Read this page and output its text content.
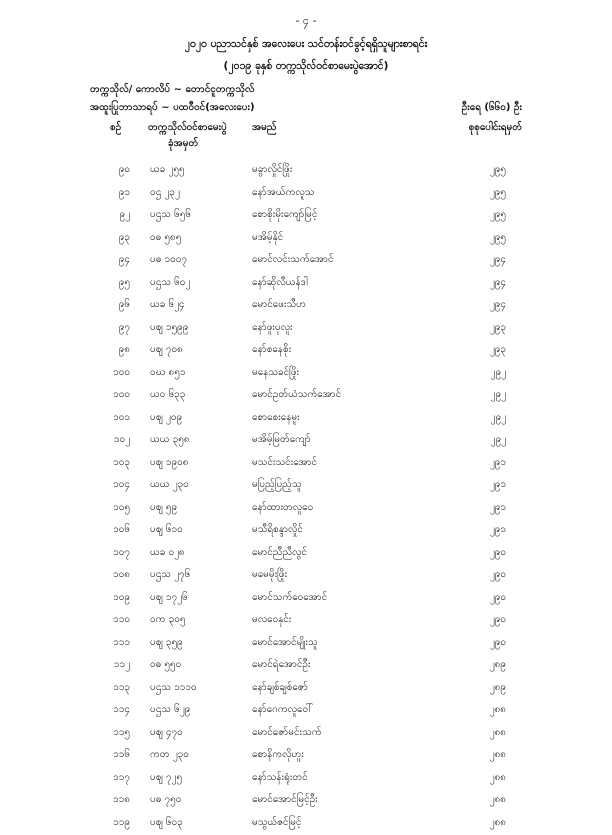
- ၄ -
၂၀၂၀ ပညာသင်နှစ် အလေးပေး သင်တန်းဝင်ခွင့်ရရှိသူများစာရင်း
(၂၀၁၉ ခုနှစ် တက္ကသိုလ်ဝင်စာမေးပွဲအောင်)
တက္ကသိုလ်/ ကောလိပ် ~ တောင်ငူတက္ကသိုလ်
အထူးပြုဘာသာရပ် ~ ပထဝီဝင်(အလေးပေး)	ဦးရေ (၆၆၀) ဦး
စဉ်	တက္ကသိုလ်ဝင်စာမေးပွဲ
ခုံအမှတ်
အမည်	စုစုပေါင်းရမှတ်
၉၀ ယခ ၂၅၅	မခွာလှိုင်ဖြိုး	၂၉၅
၉၁ ဝဌ ၂၃၂	နော်အယ်ကလူသ	၂၉၅
၉၂ ပဌသ ၆၅၆	စောစိုးမိုးကျော်မြင့်	၂၉၅
၉၃ ဝဓ ၅၈၅	မအိမ့်နိုင်	၂၉၅
၉၄ ပဓ ၁၀၀၇	မောင်လင်းသက်အောင်	၂၉၄
၉၅ ပဌသ ၆၀၂	နော်ဆိုလီယန်ဒါ	၂၉၄
၉၆ ယခ ၆၂၄	မောင်ဖေးသီဟ	၂၉၄
၉၇ ပဈ ၁၅၉၉	နော်ဖူးပုလူး	၂၉၃
၉၈ ပဈ ၇၀၈	နော်စနေစိုး	၂၉၃
၁၀၀ ဝဃ ၈၅၁	မနေသခင်ဖြိုး	၂၉၂
၁၀၀ ယဝ ၆၃၃	မောင်ဥတ်ယံသက်အောင်	၂၉၂
၁၀၁ ပဈ ၂၀၉	စောစေးနေမူး	၂၉၂
၁၀၂ ယယ ၃၅၈	မအိမ့်မြတ်ကျော်	၂၉၂
၁၀၃ ပဈ ၁၉၀၈	မသင်းသင်းအောင်	၂၉၁
၁၀၄ ယယ ၂၃၀	မပြည့်ပြည့်သူ	၂၉၁
၁၀၅ ပဈ ၅၉	နော်ထားတလူဝေ	၂၉၁
၁၀၆ ပဈ ၆၁၀	မသီရိစန္ဒာလှိုင်	၂၉၁
၁၀၇ ယခ ၀၂၈	မောင်ညီညီလွင်	၂၉၀
၁၀၈ ပဌသ ၂၇၆	မမေမိုးဖြိုး	၂၉၀
၁၀၉ ပဈ ၁၇၂၆	မောင်သက်ဝေအောင်	၂၉၀
၁၁၀ ဝက ၃၀၅	မလဝေနှင်း	၂၉၀
၁၁၁ ပဈ ၃၅၉	မောင်အောင်မျိုးသူ	၂၉၀
၁၁၂ ဝဓ ၅၅၀	မောင်ရဲအောင်ဦး	၂၈၉
၁၁၃ ပဌသ ၁၁၁၀	နော်ချစ်ချစ်ဇော်	၂၈၉
၁၁၄ ပဌသ ၆၂၉	နော်ဂေကလူဝေါ်	၂၈၈
၁၁၅ ပဈ ၄၇၀	မောင်ဇော်မင်းသက်	၂၈၈
၁၁၆ ကတ ၂၃၀	စောနိကလိုဟူး	၂၈၈
၁၁၇ ပဈ ၇၂၅	နော်သန်းရုံးတင်	၂၈၈
၁၁၈ ပဓ ၇၅၀	မောင်အောင်မြင့်ဦး	၂၈၈
၁၁၉ ပဈ ၆၀၃	မသွယ်ဇင်မြင့်	၂၈၈
